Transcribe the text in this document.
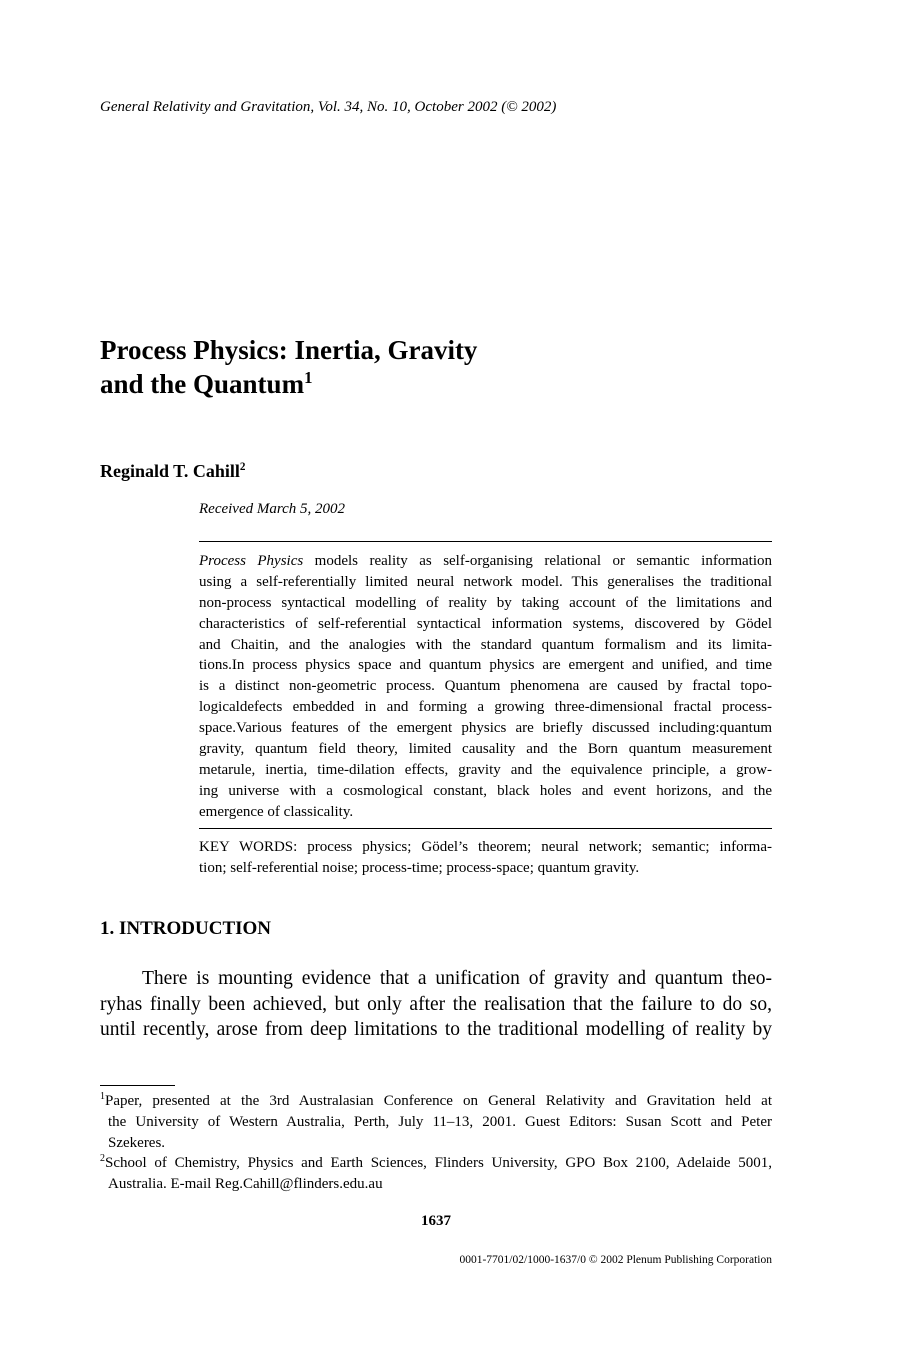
General Relativity and Gravitation, Vol. 34, No. 10, October 2002 (© 2002)
Process Physics: Inertia, Gravity
and the Quantum$^1$
Reginald T. Cahill$^2$
Received March 5, 2002
Process Physics models reality as self-organising relational or semantic information
using a self-referentially limited neural network model. This generalises the traditional
non-process syntactical modelling of reality by taking account of the limitations and
characteristics of self-referential syntactical information systems, discovered by Gödel
and Chaitin, and the analogies with the standard quantum formalism and its limita-
tions.In process physics space and quantum physics are emergent and unified, and time
is a distinct non-geometric process. Quantum phenomena are caused by fractal topo-
logicaldefects embedded in and forming a growing three-dimensional fractal process-
space.Various features of the emergent physics are briefly discussed including:quantum
gravity, quantum field theory, limited causality and the Born quantum measurement
metarule, inertia, time-dilation effects, gravity and the equivalence principle, a grow-
ing universe with a cosmological constant, black holes and event horizons, and the
emergence of classicality.
KEY WORDS: process physics; Gödel’s theorem; neural network; semantic; informa-
tion; self-referential noise; process-time; process-space; quantum gravity.
1. INTRODUCTION
There is mounting evidence that a unification of gravity and quantum theo-
ryhas finally been achieved, but only after the realisation that the failure to do so,
until recently, arose from deep limitations to the traditional modelling of reality by
$^1$Paper, presented at the 3rd Australasian Conference on General Relativity and Gravitation held at
the University of Western Australia, Perth, July 11–13, 2001. Guest Editors: Susan Scott and Peter
Szekeres.
$^2$School of Chemistry, Physics and Earth Sciences, Flinders University, GPO Box 2100, Adelaide 5001,
Australia. E-mail Reg.Cahill@flinders.edu.au
1637
0001-7701/02/1000-1637/0 © 2002 Plenum Publishing Corporation
